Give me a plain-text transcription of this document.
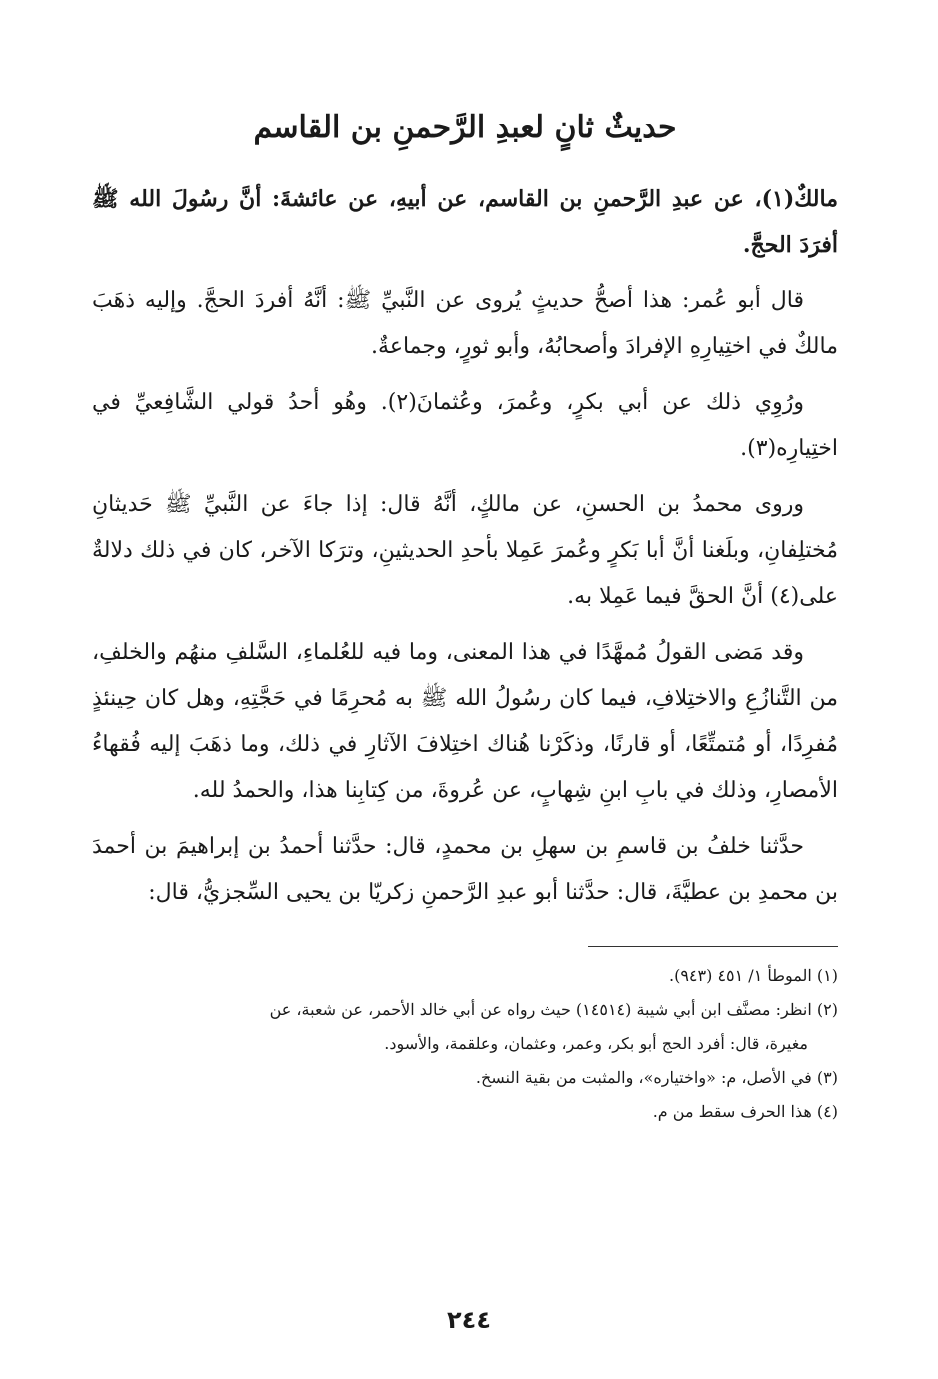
حديثٌ ثانٍ لعبدِ الرَّحمنِ بن القاسم

مالكٌ(١)، عن عبدِ الرَّحمنِ بن القاسم، عن أبيهِ، عن عائشةَ: أنَّ رسُولَ الله ﷺ أفرَدَ الحجَّ.

قال أبو عُمر: هذا أصحُّ حديثٍ يُروى عن النَّبيِّ ﷺ: أنَّهُ أفردَ الحجَّ. وإليه ذهَبَ مالكٌ في اختِيارِهِ الإفرادَ وأصحابُهُ، وأبو ثورٍ، وجماعةٌ.

ورُوِي ذلك عن أبي بكرٍ، وعُمرَ، وعُثمانَ(٢). وهُو أحدُ قولي الشَّافِعيِّ في اختِيارِه(٣).

وروى محمدُ بن الحسنِ، عن مالكٍ، أنَّهُ قال: إذا جاءَ عن النَّبيِّ ﷺ حَديثانِ مُختلِفانِ، وبلَغنا أنَّ أبا بَكرٍ وعُمرَ عَمِلا بأحدِ الحديثينِ، وترَكا الآخر، كان في ذلك دلالةٌ على(٤) أنَّ الحقَّ فيما عَمِلا به.

وقد مَضى القولُ مُمهَّدًا في هذا المعنى، وما فيه للعُلماءِ، السَّلفِ منهُم والخلفِ، من التَّنازُعِ والاختِلافِ، فيما كان رسُولُ الله ﷺ به مُحرِمًا في حَجَّتِهِ، وهل كان حِينئذٍ مُفرِدًا، أو مُتمتِّعًا، أو قارنًا، وذكَرْنا هُناك اختِلافَ الآثارِ في ذلك، وما ذهَبَ إليه فُقهاءُ الأمصارِ، وذلك في بابِ ابنِ شِهابٍ، عن عُروةَ، من كِتابِنا هذا، والحمدُ لله.

حدَّثنا خلفُ بن قاسمِ بن سهلِ بن محمدٍ، قال: حدَّثنا أحمدُ بن إبراهيمَ بن أحمدَ بن محمدِ بن عطيَّةَ، قال: حدَّثنا أبو عبدِ الرَّحمنِ زكريّا بن يحيى السِّجزيُّ، قال:

(١) الموطأ ١/ ٤٥١ (٩٤٣).

(٢) انظر: مصنَّف ابن أبي شيبة (١٤٥١٤) حيث رواه عن أبي خالد الأحمر، عن شعبة، عن
مغيرة، قال: أفرد الحج أبو بكر، وعمر، وعثمان، وعلقمة، والأسود.

(٣) في الأصل، م: «واختياره»، والمثبت من بقية النسخ.

(٤) هذا الحرف سقط من م.

٢٤٤
